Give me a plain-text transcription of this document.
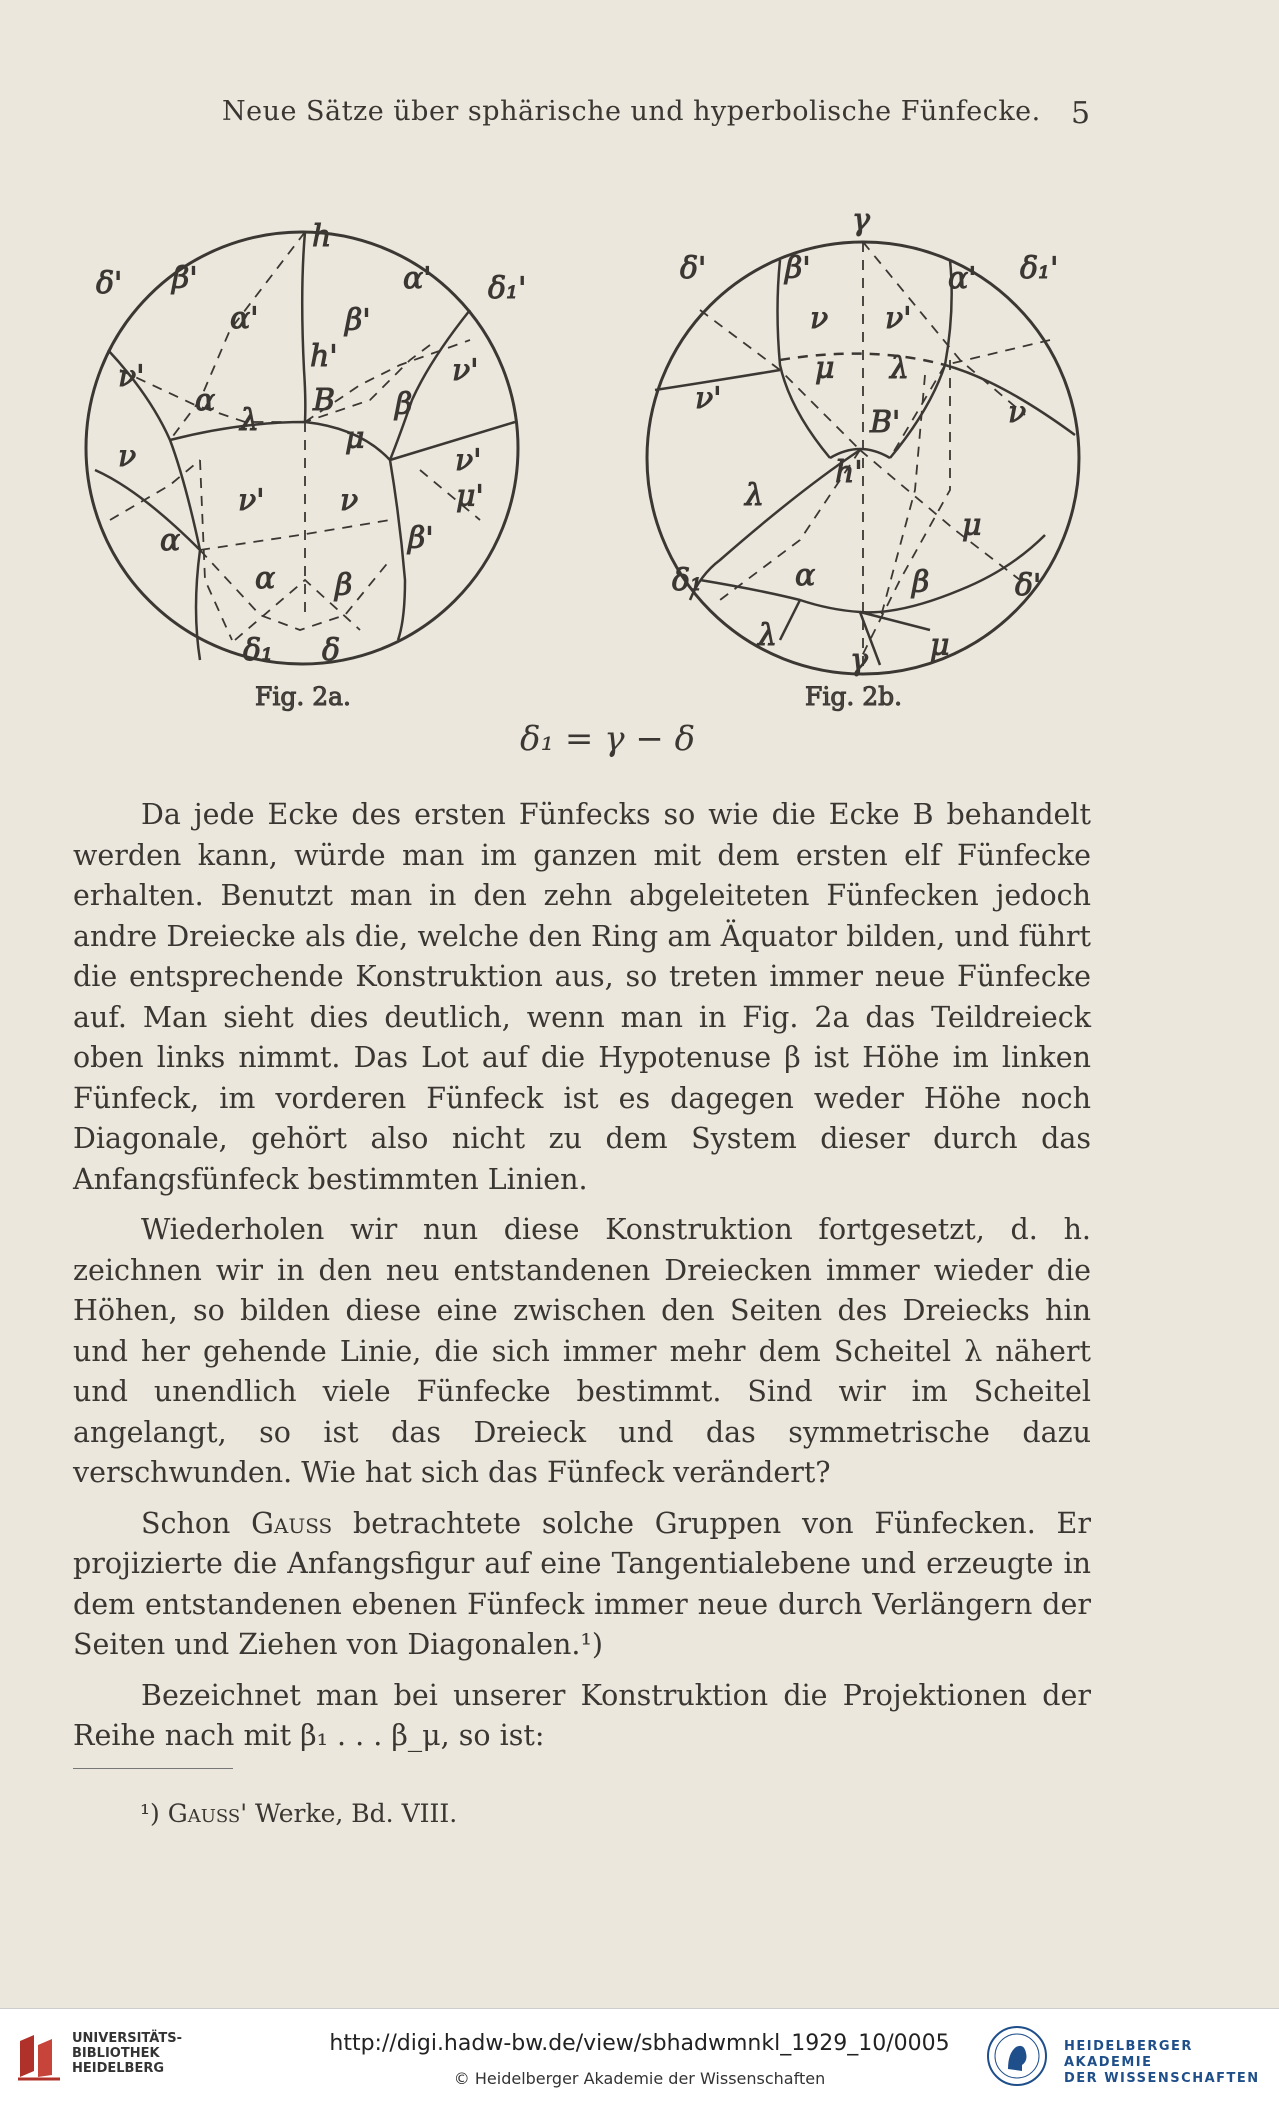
Neue Sätze über sphärische und hyperbolische Fünfecke. 5
h
δ' β'
α'
α' δ₁'
ν'
β'
h'	ν'
α
λ
B β
μ
ν	ν'
μ'
ν'	ν
β'
α
α β
δ₁ δ
Fig. 2a.
γ
δ'	β'	α' δ₁'
ν ν'
μ λ
ν'
B'	ν
h'
λ
μ
δ₁	α	β	δ'
λ
γ μ
Fig. 2b.
δ₁ = γ − δ

Da jede Ecke des ersten Fünfecks so wie die Ecke B behandelt werden kann, würde man im ganzen mit dem ersten elf Fünfecke erhalten. Benutzt man in den zehn abgeleiteten Fünfecken jedoch andre Dreiecke als die, welche den Ring am Äquator bilden, und führt die entsprechende Konstruktion aus, so treten immer neue Fünfecke auf. Man sieht dies deutlich, wenn man in Fig. 2a das Teildreieck oben links nimmt. Das Lot auf die Hypotenuse β ist Höhe im linken Fünfeck, im vorderen Fünfeck ist es dagegen weder Höhe noch Diagonale, gehört also nicht zu dem System dieser durch das Anfangsfünfeck bestimmten Linien.

Wiederholen wir nun diese Konstruktion fortgesetzt, d. h. zeichnen wir in den neu entstandenen Dreiecken immer wieder die Höhen, so bilden diese eine zwischen den Seiten des Dreiecks hin und her gehende Linie, die sich immer mehr dem Scheitel λ nähert und unendlich viele Fünfecke bestimmt. Sind wir im Scheitel angelangt, so ist das Dreieck und das symmetrische dazu verschwunden. Wie hat sich das Fünfeck verändert?

Schon Gauss betrachtete solche Gruppen von Fünfecken. Er projizierte die Anfangsfigur auf eine Tangentialebene und erzeugte in dem entstandenen ebenen Fünfeck immer neue durch Verlängern der Seiten und Ziehen von Diagonalen.¹)

Bezeichnet man bei unserer Konstruktion die Projektionen der Reihe nach mit β₁ . . . β_μ, so ist:

¹) Gauss' Werke, Bd. VIII.
UNIVERSITÄTS-
BIBLIOTHEK
HEIDELBERG
http://digi.hadw-bw.de/view/sbhadwmnkl_1929_10/0005
© Heidelberger Akademie der Wissenschaften
HEIDELBERGER AKADEMIE
DER WISSENSCHAFTEN
